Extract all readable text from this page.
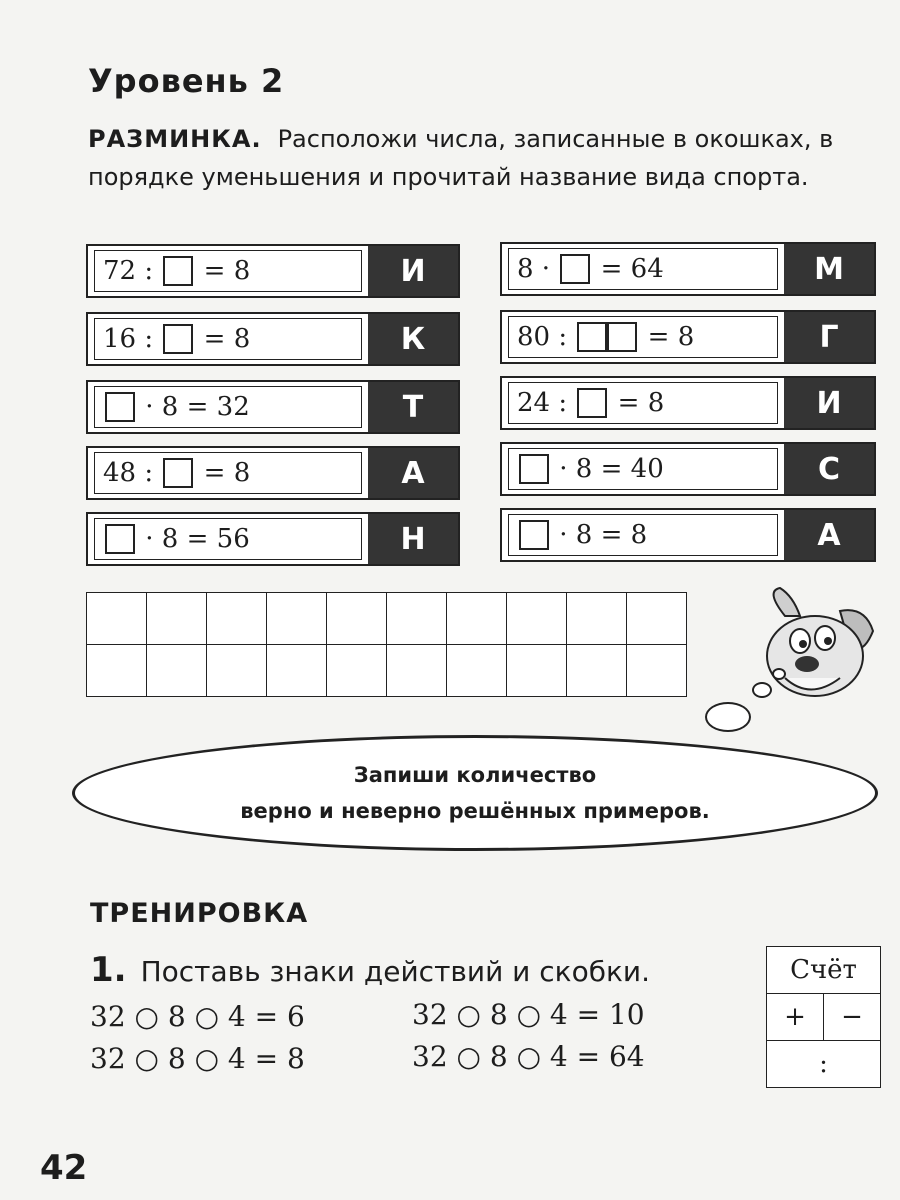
Уровень 2
РАЗМИНКА. Расположи числа, записанные в окошках, в порядке уменьшения и прочитай название вида спорта.
72 : = 8	И
16 : = 8	К
· 8 = 32	Т
48 : = 8	А
· 8 = 56	Н
8 · = 64	М
80 : = 8	Г
24 : = 8	И
· 8 = 40	С
· 8 = 8	А

Запиши количество
верно и неверно решённых примеров.
ТРЕНИРОВКА
1. Поставь знаки действий и скобки.
32 ○ 8 ○ 4 = 6	32 ○ 8 ○ 4 = 10
32 ○ 8 ○ 4 = 8	32 ○ 8 ○ 4 = 64
Счёт
+	−
:
42
